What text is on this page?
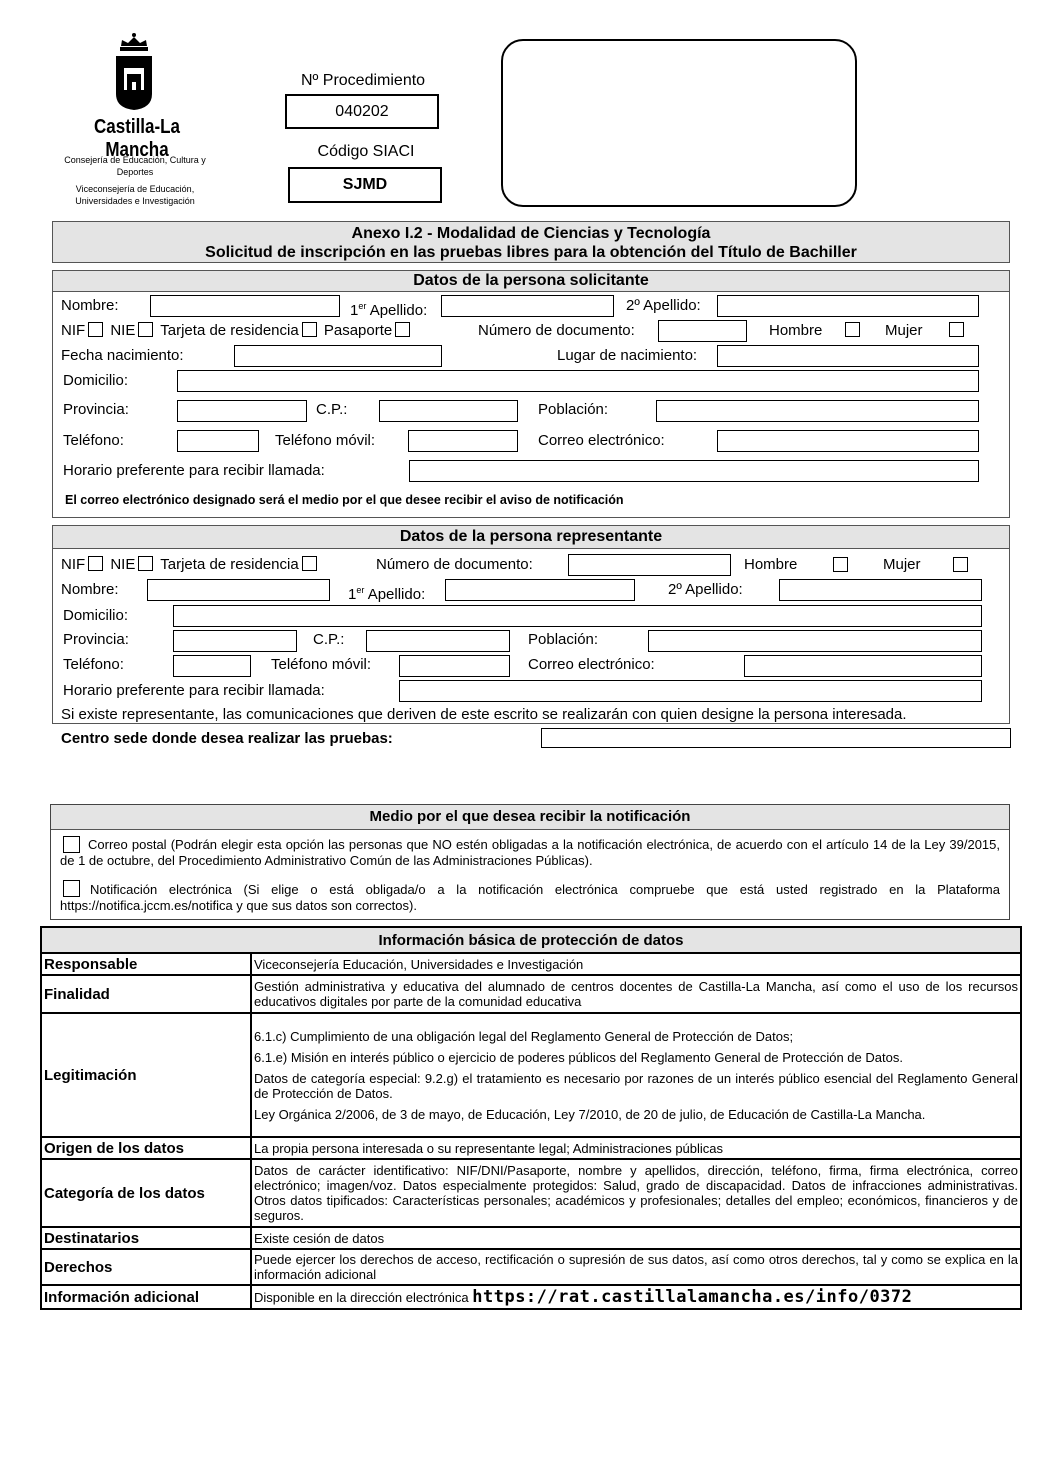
Castilla-La Mancha
Consejería de Educación, Cultura y
Deportes
Viceconsejería de Educación,
Universidades e Investigación
Nº Procedimiento
040202
Código SIACI
SJMD
Anexo I.2 - Modalidad de Ciencias y Tecnología
Solicitud de inscripción en las pruebas libres para la obtención del Título de Bachiller
Datos de la persona solicitante
Nombre:	1er Apellido:	2º Apellido:
NIF NIE Tarjeta de residencia Pasaporte	Número de documento:	Hombre	Mujer
Fecha nacimiento:	Lugar de nacimiento:
Domicilio:
Provincia:	C.P.:	Población:
Teléfono:	Teléfono móvil:	Correo electrónico:
Horario preferente para recibir llamada:
El correo electrónico designado será el medio por el que desee recibir el aviso de notificación
Datos de la persona representante
NIF NIE Tarjeta de residencia	Número de documento:	Hombre	Mujer
Nombre:	1er Apellido:	2º Apellido:
Domicilio:
Provincia:	C.P.:	Población:
Teléfono:	Teléfono móvil:	Correo electrónico:
Horario preferente para recibir llamada:
Si existe representante, las comunicaciones que deriven de este escrito se realizarán con quien designe la persona interesada.
Centro sede donde desea realizar las pruebas:
Medio por el que desea recibir la notificación
Correo postal (Podrán elegir esta opción las personas que NO estén obligadas a la notificación electrónica, de acuerdo con el artículo 14 de la Ley 39/2015, de 1 de octubre, del Procedimiento Administrativo Común de las Administraciones Públicas).
Notificación electrónica (Si elige o está obligada/o a la notificación electrónica compruebe que está usted registrado en la Plataforma https://notifica.jccm.es/notifica y que sus datos son correctos).
Información básica de protección de datos	
Responsable	Viceconsejería Educación, Universidades e Investigación
Finalidad	Gestión administrativa y educativa del alumnado de centros docentes de Castilla-La Mancha, así como el uso de los recursos educativos digitales por parte de la comunidad educativa
Legitimación	6.1.c) Cumplimiento de una obligación legal del Reglamento General de Protección de Datos;
6.1.e) Misión en interés público o ejercicio de poderes públicos del Reglamento General de Protección de Datos.
Datos de categoría especial: 9.2.g) el tratamiento es necesario por razones de un interés público esencial del Reglamento General de Protección de Datos.
Ley Orgánica 2/2006, de 3 de mayo, de Educación, Ley 7/2010, de 20 de julio, de Educación de Castilla-La Mancha.

Origen de los datos	La propia persona interesada o su representante legal; Administraciones públicas
Categoría de los datos	Datos de carácter identificativo: NIF/DNI/Pasaporte, nombre y apellidos, dirección, teléfono, firma, firma electrónica, correo electrónico; imagen/voz. Datos especialmente protegidos: Salud, grado de discapacidad. Datos de infracciones administrativas. Otros datos tipificados: Características personales; académicos y profesionales; detalles del empleo; económicos, financieros y de seguros.
Destinatarios	Existe cesión de datos
Derechos	Puede ejercer los derechos de acceso, rectificación o supresión de sus datos, así como otros derechos, tal y como se explica en la información adicional
Información adicional	Disponible en la dirección electrónica https://rat.castillalamancha.es/info/0372
